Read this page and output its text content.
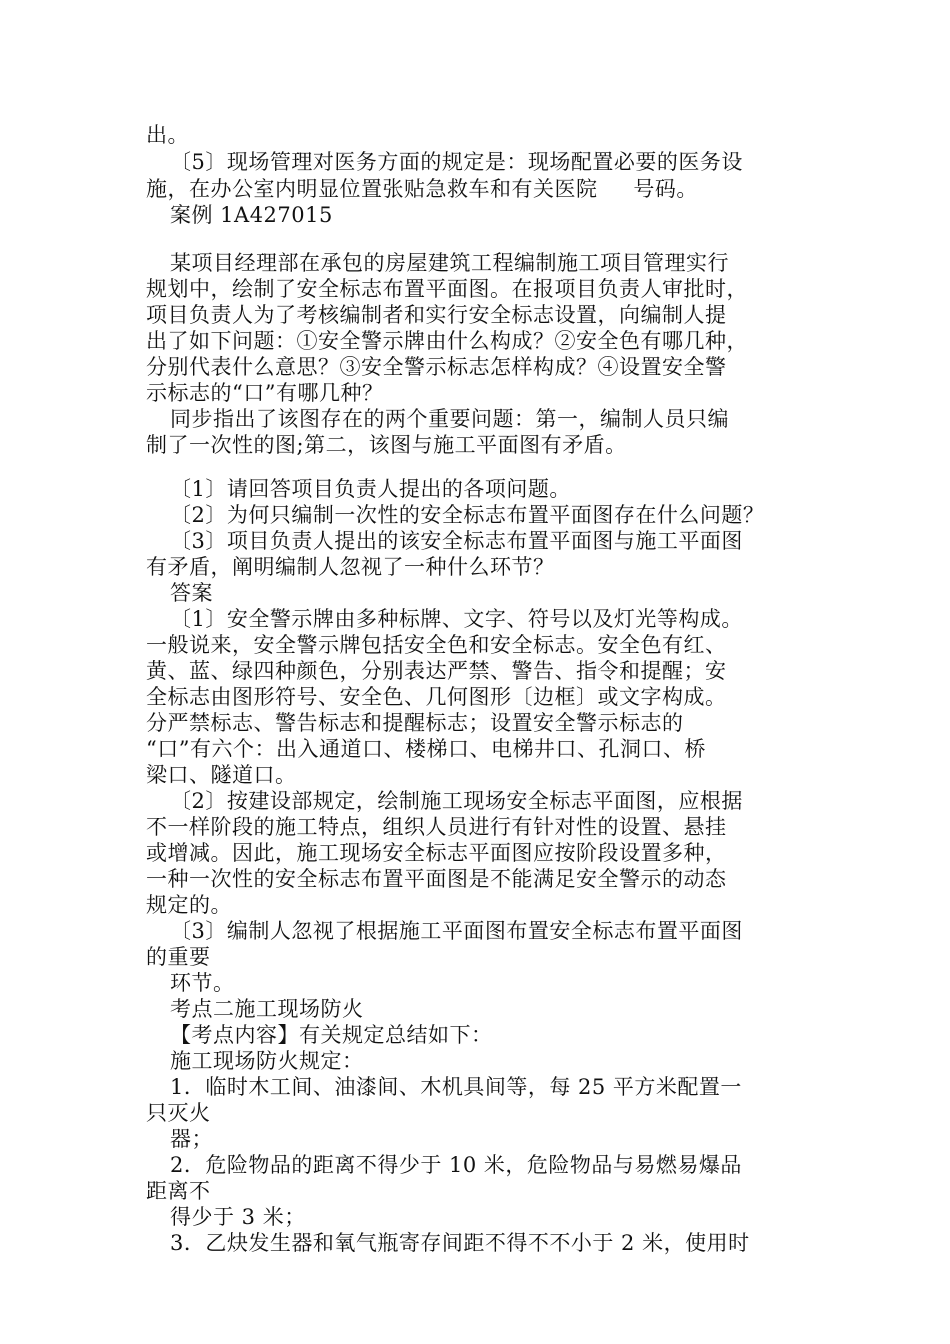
出。
〔5〕现场管理对医务方面的规定是：现场配置必要的医务设
施，在办公室内明显位置张贴急救车和有关医院     号码。
案例 1A427015
某项目经理部在承包的房屋建筑工程编制施工项目管理实行
规划中，绘制了安全标志布置平面图。在报项目负责人审批时，
项目负责人为了考核编制者和实行安全标志设置，向编制人提
出了如下问题：①安全警示牌由什么构成？②安全色有哪几种，
分别代表什么意思？③安全警示标志怎样构成？④设置安全警
示标志的“口”有哪几种？
同步指出了该图存在的两个重要问题：第一，编制人员只编
制了一次性的图;第二，该图与施工平面图有矛盾。
〔1〕请回答项目负责人提出的各项问题。
〔2〕为何只编制一次性的安全标志布置平面图存在什么问题？
〔3〕项目负责人提出的该安全标志布置平面图与施工平面图
有矛盾，阐明编制人忽视了一种什么环节？
答案
〔1〕安全警示牌由多种标牌、文字、符号以及灯光等构成。
一般说来，安全警示牌包括安全色和安全标志。安全色有红、
黄、蓝、绿四种颜色，分别表达严禁、警告、指令和提醒；安
全标志由图形符号、安全色、几何图形〔边框〕或文字构成。
分严禁标志、警告标志和提醒标志；设置安全警示标志的
“口”有六个：出入通道口、楼梯口、电梯井口、孔洞口、桥
梁口、隧道口。
〔2〕按建设部规定，绘制施工现场安全标志平面图，应根据
不一样阶段的施工特点，组织人员进行有针对性的设置、悬挂
或增减。因此，施工现场安全标志平面图应按阶段设置多种，
一种一次性的安全标志布置平面图是不能满足安全警示的动态
规定的。
〔3〕编制人忽视了根据施工平面图布置安全标志布置平面图
的重要
环节。
考点二施工现场防火
【考点内容】有关规定总结如下：
施工现场防火规定：
1．临时木工间、油漆间、木机具间等，每 25 平方米配置一
只灭火
器；
2．危险物品的距离不得少于 10 米，危险物品与易燃易爆品
距离不
得少于 3 米；
3．乙炔发生器和氧气瓶寄存间距不得不不小于 2 米，使用时
